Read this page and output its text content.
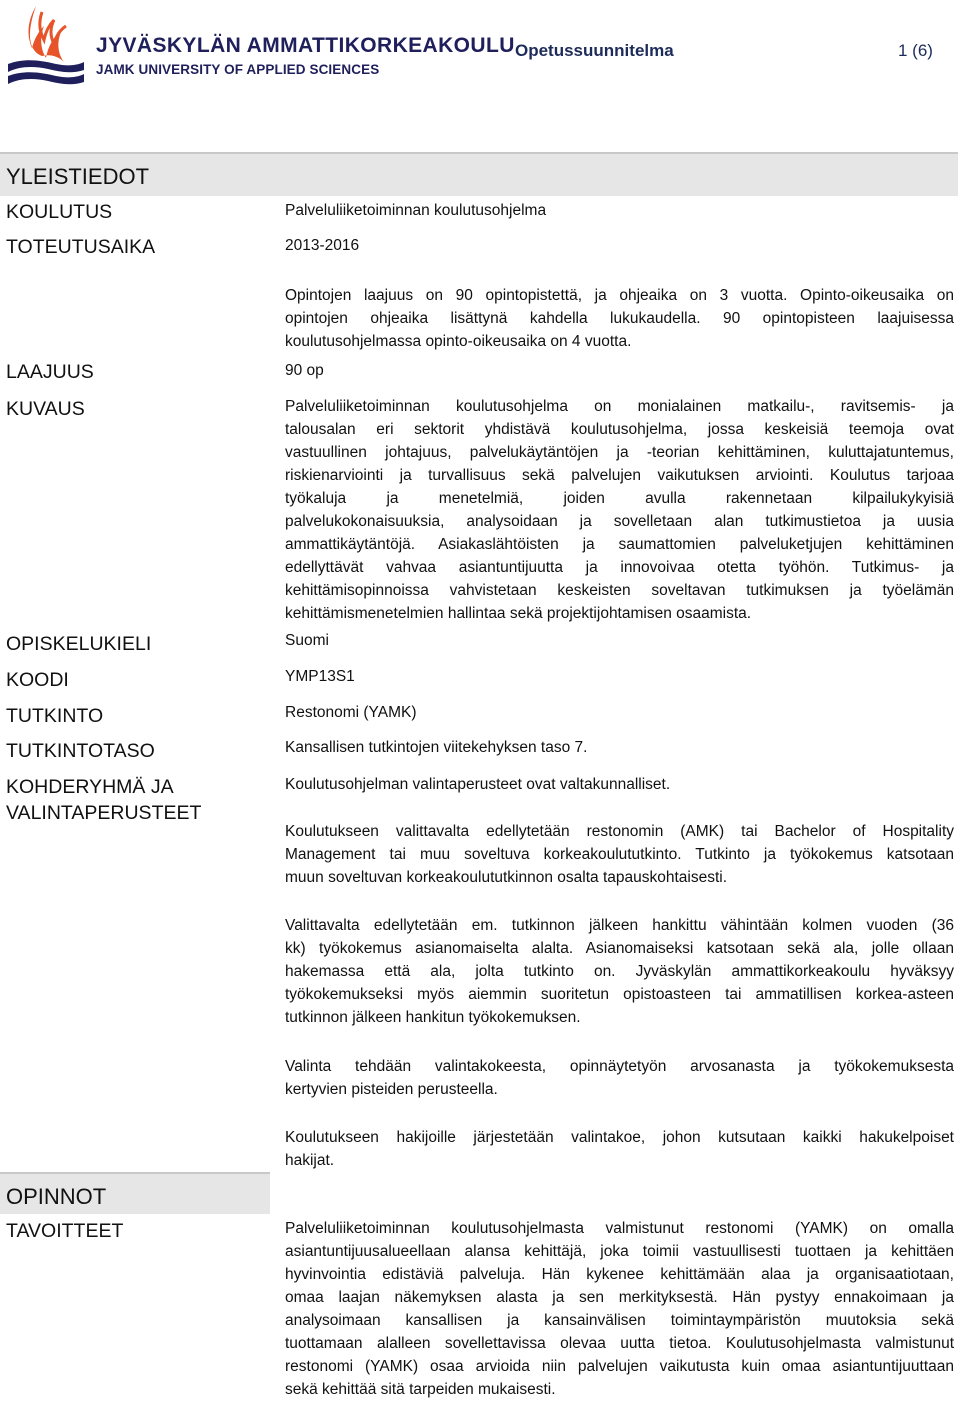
JYVÄSKYLÄN AMMATTIKORKEAKOULU
JAMK UNIVERSITY OF APPLIED SCIENCES
Opetussuunnitelma	1 (6)
YLEISTIEDOT
KOULUTUS	Palveluliiketoiminnan koulutusohjelma
TOTEUTUSAIKA	2013-2016
Opintojen laajuus on 90 opintopistettä, ja ohjeaika on 3 vuotta. Opinto-oikeusaika on
opintojen ohjeaika lisättynä kahdella lukukaudella. 90 opintopisteen laajuisessa
koulutusohjelmassa opinto-oikeusaika on 4 vuotta.
LAAJUUS	90 op
KUVAUS	Palveluliiketoiminnan koulutusohjelma on monialainen matkailu-, ravitsemis- ja
talousalan eri sektorit yhdistävä koulutusohjelma, jossa keskeisiä teemoja ovat
vastuullinen johtajuus, palvelukäytäntöjen ja -teorian kehittäminen, kuluttajatuntemus,
riskienarviointi ja turvallisuus sekä palvelujen vaikutuksen arviointi. Koulutus tarjoaa
työkaluja ja menetelmiä, joiden avulla rakennetaan kilpailukykyisiä
palvelukokonaisuuksia, analysoidaan ja sovelletaan alan tutkimustietoa ja uusia
ammattikäytäntöjä. Asiakaslähtöisten ja saumattomien palveluketjujen kehittäminen
edellyttävät vahvaa asiantuntijuutta ja innovoivaa otetta työhön. Tutkimus- ja
kehittämisopinnoissa vahvistetaan keskeisten soveltavan tutkimuksen ja työelämän
kehittämismenetelmien hallintaa sekä projektijohtamisen osaamista.
OPISKELUKIELI	Suomi
KOODI	YMP13S1
TUTKINTO	Restonomi (YAMK)
TUTKINTOTASO	Kansallisen tutkintojen viitekehyksen taso 7.
KOHDERYHMÄ JA
VALINTAPERUSTEET
Koulutusohjelman valintaperusteet ovat valtakunnalliset.
Koulutukseen valittavalta edellytetään restonomin (AMK) tai Bachelor of Hospitality
Management tai muu soveltuva korkeakoulututkinto. Tutkinto ja työkokemus katsotaan
muun soveltuvan korkeakoulututkinnon osalta tapauskohtaisesti.
Valittavalta edellytetään em. tutkinnon jälkeen hankittu vähintään kolmen vuoden (36
kk) työkokemus asianomaiselta alalta. Asianomaiseksi katsotaan sekä ala, jolle ollaan
hakemassa että ala, jolta tutkinto on. Jyväskylän ammattikorkeakoulu hyväksyy
työkokemukseksi myös aiemmin suoritetun opistoasteen tai ammatillisen korkea-asteen
tutkinnon jälkeen hankitun työkokemuksen.
Valinta tehdään valintakokeesta, opinnäytetyön arvosanasta ja työkokemuksesta
kertyvien pisteiden perusteella.
Koulutukseen hakijoille järjestetään valintakoe, johon kutsutaan kaikki hakukelpoiset
hakijat.
OPINNOT
TAVOITTEET	Palveluliiketoiminnan koulutusohjelmasta valmistunut restonomi (YAMK) on omalla
asiantuntijuusalueellaan alansa kehittäjä, joka toimii vastuullisesti tuottaen ja kehittäen
hyvinvointia edistäviä palveluja. Hän kykenee kehittämään alaa ja organisaatiotaan,
omaa laajan näkemyksen alasta ja sen merkityksestä. Hän pystyy ennakoimaan ja
analysoimaan kansallisen ja kansainvälisen toimintaympäristön muutoksia sekä
tuottamaan alalleen sovellettavissa olevaa uutta tietoa. Koulutusohjelmasta valmistunut
restonomi (YAMK) osaa arvioida niin palvelujen vaikutusta kuin omaa asiantuntijuuttaan
sekä kehittää sitä tarpeiden mukaisesti.
